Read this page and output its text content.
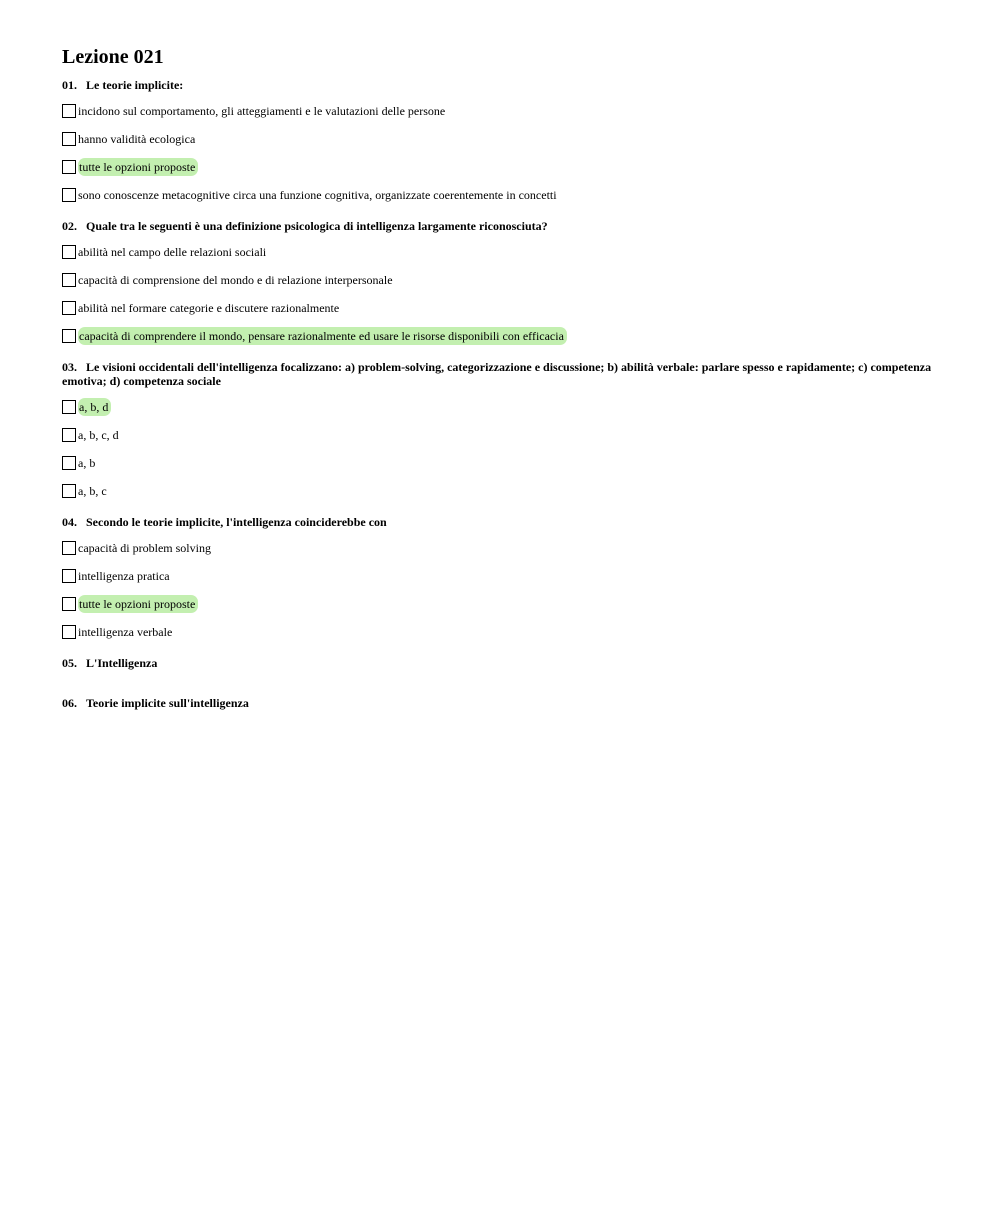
Lezione 021

01. Le teorie implicite:

incidono sul comportamento, gli atteggiamenti e le valutazioni delle persone
hanno validità ecologica
tutte le opzioni proposte
sono conoscenze metacognitive circa una funzione cognitiva, organizzate coerentemente in concetti

02. Quale tra le seguenti è una definizione psicologica di intelligenza largamente riconosciuta?

abilità nel campo delle relazioni sociali
capacità di comprensione del mondo e di relazione interpersonale
abilità nel formare categorie e discutere razionalmente
capacità di comprendere il mondo, pensare razionalmente ed usare le risorse disponibili con efficacia

03. Le visioni occidentali dell'intelligenza focalizzano: a) problem-solving, categorizzazione e discussione; b) abilità verbale: parlare spesso e rapidamente; c) competenza emotiva; d) competenza sociale

a, b, d
a, b, c, d
a, b
a, b, c

04. Secondo le teorie implicite, l'intelligenza coinciderebbe con

capacità di problem solving
intelligenza pratica
tutte le opzioni proposte
intelligenza verbale

05. L'Intelligenza

06. Teorie implicite sull'intelligenza
